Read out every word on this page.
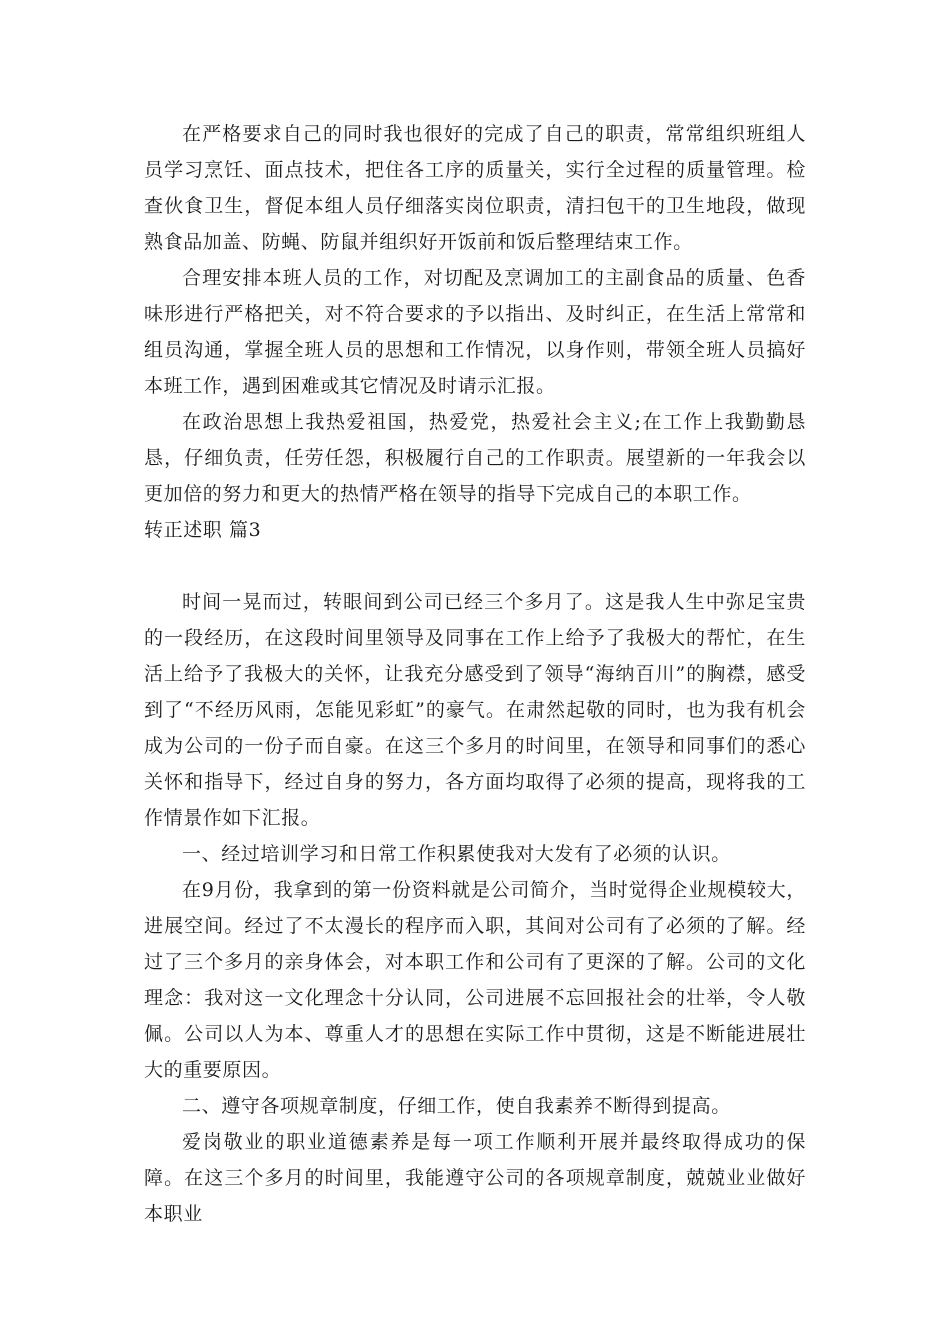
在严格要求自己的同时我也很好的完成了自己的职责，常常组织班组人员学习烹饪、面点技术，把住各工序的质量关，实行全过程的质量管理。检查伙食卫生，督促本组人员仔细落实岗位职责，清扫包干的卫生地段，做现熟食品加盖、防蝇、防鼠并组织好开饭前和饭后整理结束工作。

合理安排本班人员的工作，对切配及烹调加工的主副食品的质量、色香味形进行严格把关，对不符合要求的予以指出、及时纠正，在生活上常常和组员沟通，掌握全班人员的思想和工作情况，以身作则，带领全班人员搞好本班工作，遇到困难或其它情况及时请示汇报。

在政治思想上我热爱祖国，热爱党，热爱社会主义;在工作上我勤勤恳恳，仔细负责，任劳任怨，积极履行自己的工作职责。展望新的一年我会以更加倍的努力和更大的热情严格在领导的指导下完成自己的本职工作。

转正述职 篇3

时间一晃而过，转眼间到公司已经三个多月了。这是我人生中弥足宝贵的一段经历，在这段时间里领导及同事在工作上给予了我极大的帮忙，在生活上给予了我极大的关怀，让我充分感受到了领导“海纳百川”的胸襟，感受到了“不经历风雨，怎能见彩虹”的豪气。在肃然起敬的同时，也为我有机会成为公司的一份子而自豪。在这三个多月的时间里，在领导和同事们的悉心关怀和指导下，经过自身的努力，各方面均取得了必须的提高，现将我的工作情景作如下汇报。

一、经过培训学习和日常工作积累使我对大发有了必须的认识。

在9月份，我拿到的第一份资料就是公司简介，当时觉得企业规模较大，进展空间。经过了不太漫长的程序而入职，其间对公司有了必须的了解。经过了三个多月的亲身体会，对本职工作和公司有了更深的了解。公司的文化理念：我对这一文化理念十分认同，公司进展不忘回报社会的壮举，令人敬佩。公司以人为本、尊重人才的思想在实际工作中贯彻，这是不断能进展壮大的重要原因。

二、遵守各项规章制度，仔细工作，使自我素养不断得到提高。

爱岗敬业的职业道德素养是每一项工作顺利开展并最终取得成功的保障。在这三个多月的时间里，我能遵守公司的各项规章制度，兢兢业业做好本职业
